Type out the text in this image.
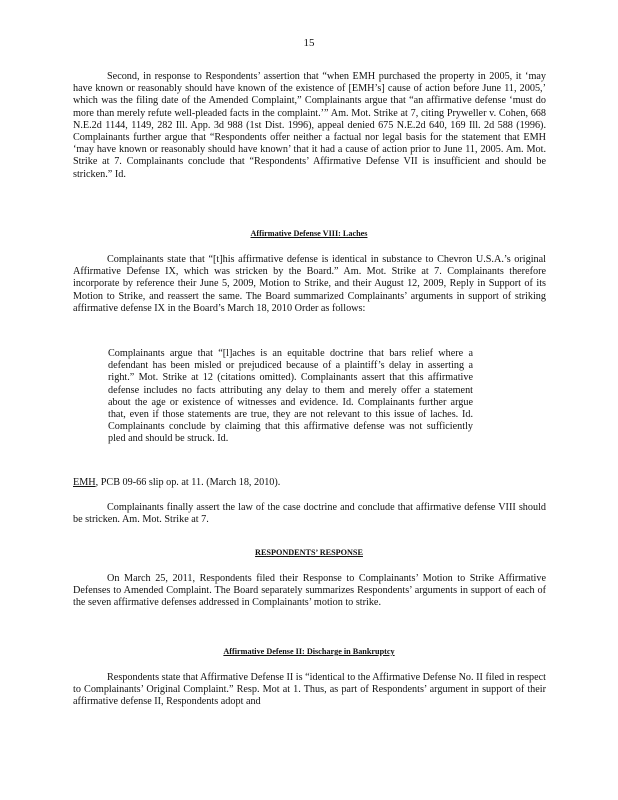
15

Second, in response to Respondents’ assertion that “when EMH purchased the property in 2005, it ‘may have known or reasonably should have known of the existence of [EMH’s] cause of action before June 11, 2005,’ which was the filing date of the Amended Complaint,” Complainants argue that “an affirmative defense ‘must do more than merely refute well-pleaded facts in the complaint.’” Am. Mot. Strike at 7, citing Pryweller v. Cohen, 668 N.E.2d 1144, 1149, 282 Ill. App. 3d 988 (1st Dist. 1996), appeal denied 675 N.E.2d 640, 169 Ill. 2d 588 (1996). Complainants further argue that “Respondents offer neither a factual nor legal basis for the statement that EMH ‘may have known or reasonably should have known’ that it had a cause of action prior to June 11, 2005. Am. Mot. Strike at 7. Complainants conclude that “Respondents’ Affirmative Defense VII is insufficient and should be stricken.” Id.

Affirmative Defense VIII: Laches

Complainants state that “[t]his affirmative defense is identical in substance to Chevron U.S.A.’s original Affirmative Defense IX, which was stricken by the Board.” Am. Mot. Strike at 7. Complainants therefore incorporate by reference their June 5, 2009, Motion to Strike, and their August 12, 2009, Reply in Support of its Motion to Strike, and reassert the same. The Board summarized Complainants’ arguments in support of striking affirmative defense IX in the Board’s March 18, 2010 Order as follows:

Complainants argue that “[l]aches is an equitable doctrine that bars relief where a defendant has been misled or prejudiced because of a plaintiff’s delay in asserting a right.” Mot. Strike at 12 (citations omitted). Complainants assert that this affirmative defense includes no facts attributing any delay to them and merely offer a statement about the age or existence of witnesses and evidence. Id. Complainants further argue that, even if those statements are true, they are not relevant to this issue of laches. Id. Complainants conclude by claiming that this affirmative defense was not sufficiently pled and should be struck. Id.
EMH, PCB 09-66 slip op. at 11. (March 18, 2010).

Complainants finally assert the law of the case doctrine and conclude that affirmative defense VIII should be stricken. Am. Mot. Strike at 7.

RESPONDENTS’ RESPONSE

On March 25, 2011, Respondents filed their Response to Complainants’ Motion to Strike Affirmative Defenses to Amended Complaint. The Board separately summarizes Respondents’ arguments in support of each of the seven affirmative defenses addressed in Complainants’ motion to strike.

Affirmative Defense II: Discharge in Bankruptcy

Respondents state that Affirmative Defense II is “identical to the Affirmative Defense No. II filed in respect to Complainants’ Original Complaint.” Resp. Mot at 1. Thus, as part of Respondents’ argument in support of their affirmative defense II, Respondents adopt and
